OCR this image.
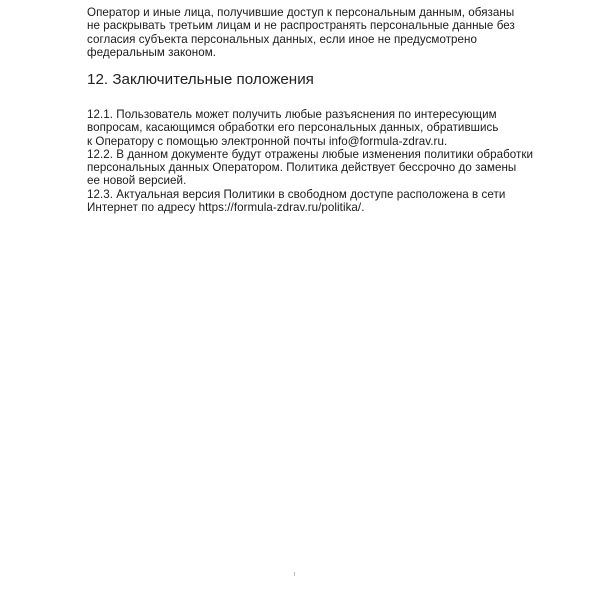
Оператор и иные лица, получившие доступ к персональным данным, обязаны
не раскрывать третьим лицам и не распространять персональные данные без
согласия субъекта персональных данных, если иное не предусмотрено
федеральным законом.
12. Заключительные положения
12.1. Пользователь может получить любые разъяснения по интересующим
вопросам, касающимся обработки его персональных данных, обратившись
к Оператору с помощью электронной почты info@formula-zdrav.ru.
12.2. В данном документе будут отражены любые изменения политики обработки
персональных данных Оператором. Политика действует бессрочно до замены
ее новой версией.
12.3. Актуальная версия Политики в свободном доступе расположена в сети
Интернет по адресу https://formula-zdrav.ru/politika/.
